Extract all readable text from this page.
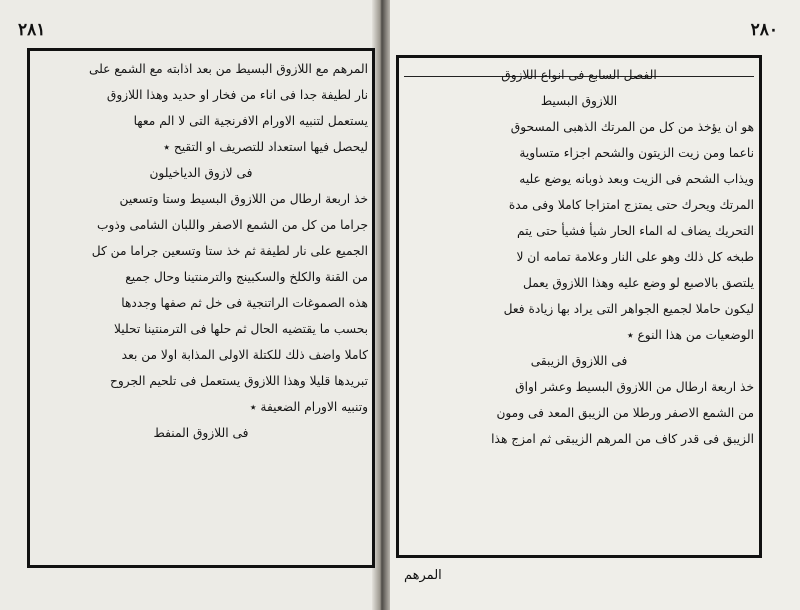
٢٨١	٢٨٠

المرهم مع اللازوق البسيط من بعد اذابته مع الشمع على

نار لطيفة جدا فى اناء من فخار او حديد وهذا اللازوق

يستعمل لتنبيه الاورام الافرنجية التى لا الم معها

ليحصل فيها استعداد للتصريف او التقيح ٭

فى لازوق الدياخيلون

خذ اربعة ارطال من اللازوق البسيط وستا وتسعين

جراما من كل من الشمع الاصفر واللبان الشامى وذوب

الجميع على نار لطيفة ثم خذ ستا وتسعين جراما من كل

من القنة والكلخ والسكبينج والترمنتينا وحال جميع

هذه الصموغات الراتنجية فى خل ثم صفها وجددها

بحسب ما يقتضيه الحال ثم حلها فى الترمنتينا تحليلا

كاملا واضف ذلك للكتلة الاولى المذابة اولا من بعد

تبريدها قليلا وهذا اللازوق يستعمل فى تلحيم الجروح

وتنبيه الاورام الضعيفة ٭

فى اللازوق المنفط

الفصل السابع فى انواع اللازوق

اللازوق البسيط

هو ان يؤخذ من كل من المرتك الذهبى المسحوق

ناعما ومن زيت الزيتون والشحم اجزاء متساوية

ويذاب الشحم فى الزيت وبعد ذوبانه يوضع عليه

المرتك ويحرك حتى يمتزج امتزاجا كاملا وفى مدة

التحريك يضاف له الماء الحار شيأ فشيأ حتى يتم

طبخه كل ذلك وهو على النار وعلامة تمامه ان لا

يلتصق بالاصبع لو وضع عليه وهذا اللازوق يعمل

ليكون حاملا لجميع الجواهر التى يراد بها زيادة فعل

الوضعيات من هذا النوع ٭

فى اللازوق الزيبقى

خذ اربعة ارطال من اللازوق البسيط وعشر اواق

من الشمع الاصفر ورطلا من الزيبق المعد فى ومون

الزيبق فى قدر كاف من المرهم الزيبقى ثم امزج هذا

المرهم
